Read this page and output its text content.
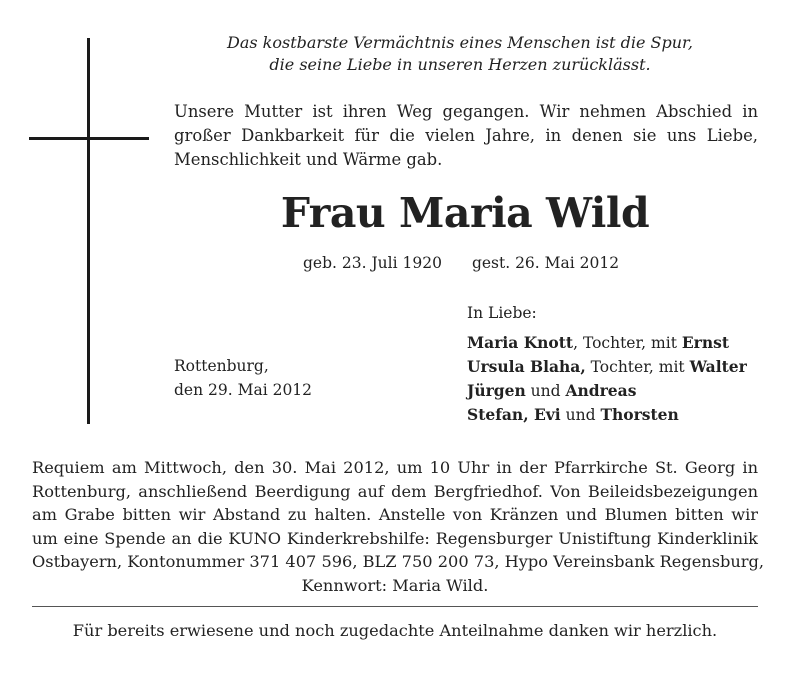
Das kostbarste Vermächtnis eines Menschen ist die Spur,
die seine Liebe in unseren Herzen zurücklässt.
Unsere Mutter ist ihren Weg gegangen. Wir nehmen Abschied in
großer Dankbarkeit für die vielen Jahre, in denen sie uns Liebe,
Menschlichkeit und Wärme gab.
Frau Maria Wild
geb. 23. Juli 1920 gest. 26. Mai 2012
In Liebe:
Maria Knott, Tochter, mit Ernst
Ursula Blaha, Tochter, mit Walter
Jürgen und Andreas
Stefan, Evi und Thorsten
Rottenburg,
den 29. Mai 2012
Requiem am Mittwoch, den 30. Mai 2012, um 10 Uhr in der Pfarrkirche St. Georg in
Rottenburg, anschließend Beerdigung auf dem Bergfriedhof. Von Beileidsbezeigungen
am Grabe bitten wir Abstand zu halten. Anstelle von Kränzen und Blumen bitten wir
um eine Spende an die KUNO Kinderkrebshilfe: Regensburger Unistiftung Kinderklinik
Ostbayern, Kontonummer 371 407 596, BLZ 750 200 73, Hypo Vereinsbank Regensburg,
Kennwort: Maria Wild.
Für bereits erwiesene und noch zugedachte Anteilnahme danken wir herzlich.
